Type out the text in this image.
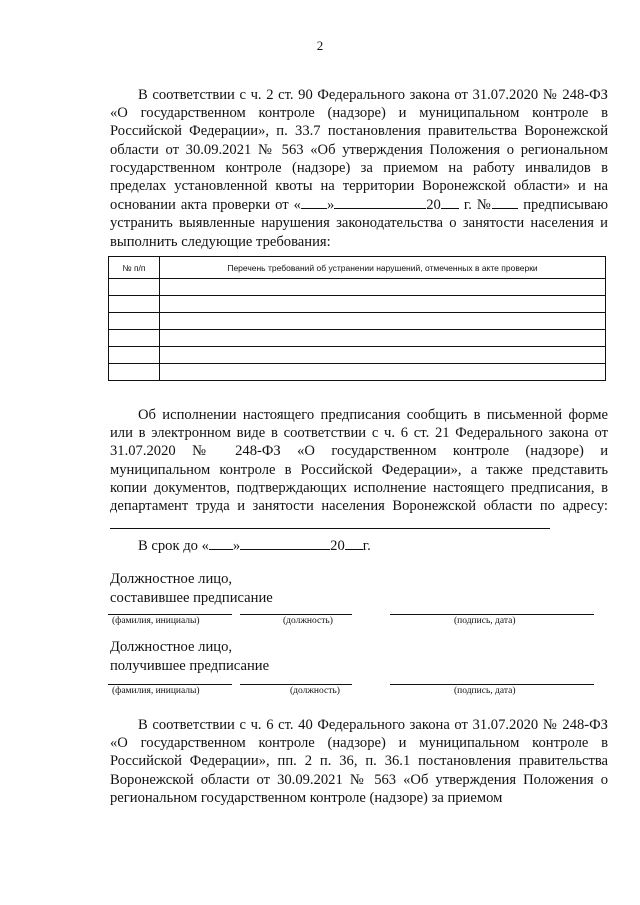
2

В соответствии с ч. 2 ст. 90 Федерального закона от 31.07.2020 № 248-ФЗ «О государственном контроле (надзоре) и муниципальном контроле в Российской Федерации», п. 33.7 постановления правительства Воронежской области от 30.09.2021 № 563 «Об утверждения Положения о региональном государственном контроле (надзоре) за приемом на работу инвалидов в пределах установленной квоты на территории Воронежской области» и на основании акта проверки от « »	20 г. № предписываю устранить выявленные нарушения законодательства о занятости населения и выполнить следующие требования:

№ п/п	Перечень требований об устранении нарушений, отмеченных в акте проверки

Об исполнении настоящего предписания сообщить в письменной форме или в электронном виде в соответствии с ч. 6 ст. 21 Федерального закона от 31.07.2020 № 248-ФЗ «О государственном контроле (надзоре) и муниципальном контроле в Российской Федерации», а также представить копии документов, подтверждающих исполнение настоящего предписания, в департамент труда и занятости населения Воронежской области по адресу:

В срок до « »	20 г.

Должностное лицо,

составившее предписание

(фамилия, инициалы)	(должность)	(подпись, дата)

Должностное лицо,

получившее предписание

(фамилия, инициалы)	(должность)	(подпись, дата)

В соответствии с ч. 6 ст. 40 Федерального закона от 31.07.2020 № 248-ФЗ «О государственном контроле (надзоре) и муниципальном контроле в Российской Федерации», пп. 2 п. 36, п. 36.1 постановления правительства Воронежской области от 30.09.2021 № 563 «Об утверждения Положения о региональном государственном контроле (надзоре) за приемом
